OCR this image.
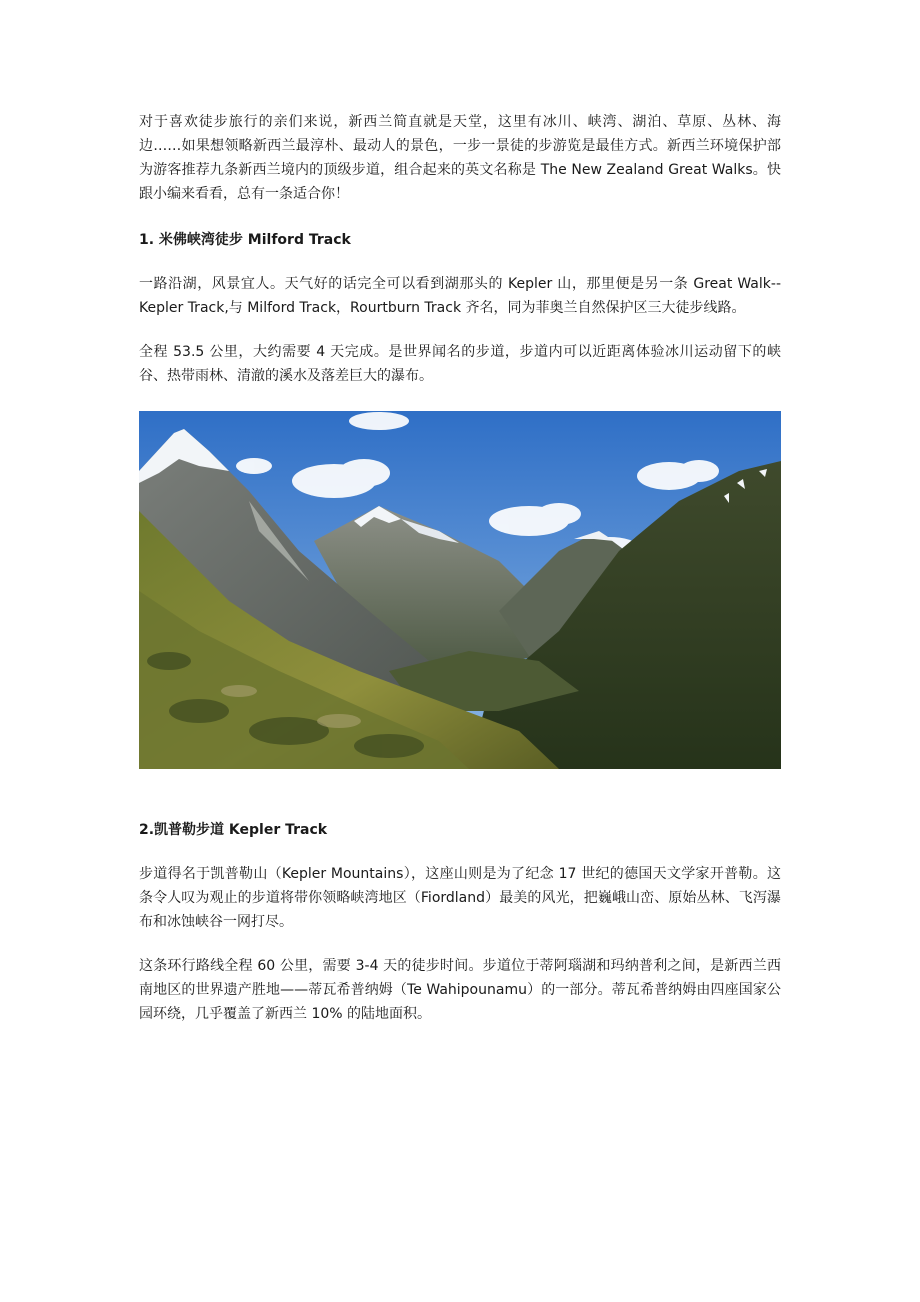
对于喜欢徒步旅行的亲们来说，新西兰简直就是天堂，这里有冰川、峡湾、湖泊、草原、丛林、海边……如果想领略新西兰最淳朴、最动人的景色，一步一景徒的步游览是最佳方式。新西兰环境保护部为游客推荐九条新西兰境内的顶级步道，组合起来的英文名称是 The New Zealand Great Walks。快跟小编来看看，总有一条适合你！

1. 米佛峡湾徒步 Milford Track

一路沿湖，风景宜人。天气好的话完全可以看到湖那头的 Kepler 山，那里便是另一条 Great Walk--Kepler Track,与 Milford Track，Rourtburn Track 齐名，同为菲奥兰自然保护区三大徒步线路。

全程 53.5 公里，大约需要 4 天完成。是世界闻名的步道，步道内可以近距离体验冰川运动留下的峡谷、热带雨林、清澈的溪水及落差巨大的瀑布。

2.凯普勒步道 Kepler Track

步道得名于凯普勒山（Kepler Mountains），这座山则是为了纪念 17 世纪的德国天文学家开普勒。这条令人叹为观止的步道将带你领略峡湾地区（Fiordland）最美的风光，把巍峨山峦、原始丛林、飞泻瀑布和冰蚀峡谷一网打尽。

这条环行路线全程 60 公里，需要 3-4 天的徒步时间。步道位于蒂阿瑙湖和玛纳普利之间，是新西兰西南地区的世界遗产胜地——蒂瓦希普纳姆（Te Wahipounamu）的一部分。蒂瓦希普纳姆由四座国家公园环绕，几乎覆盖了新西兰 10% 的陆地面积。
